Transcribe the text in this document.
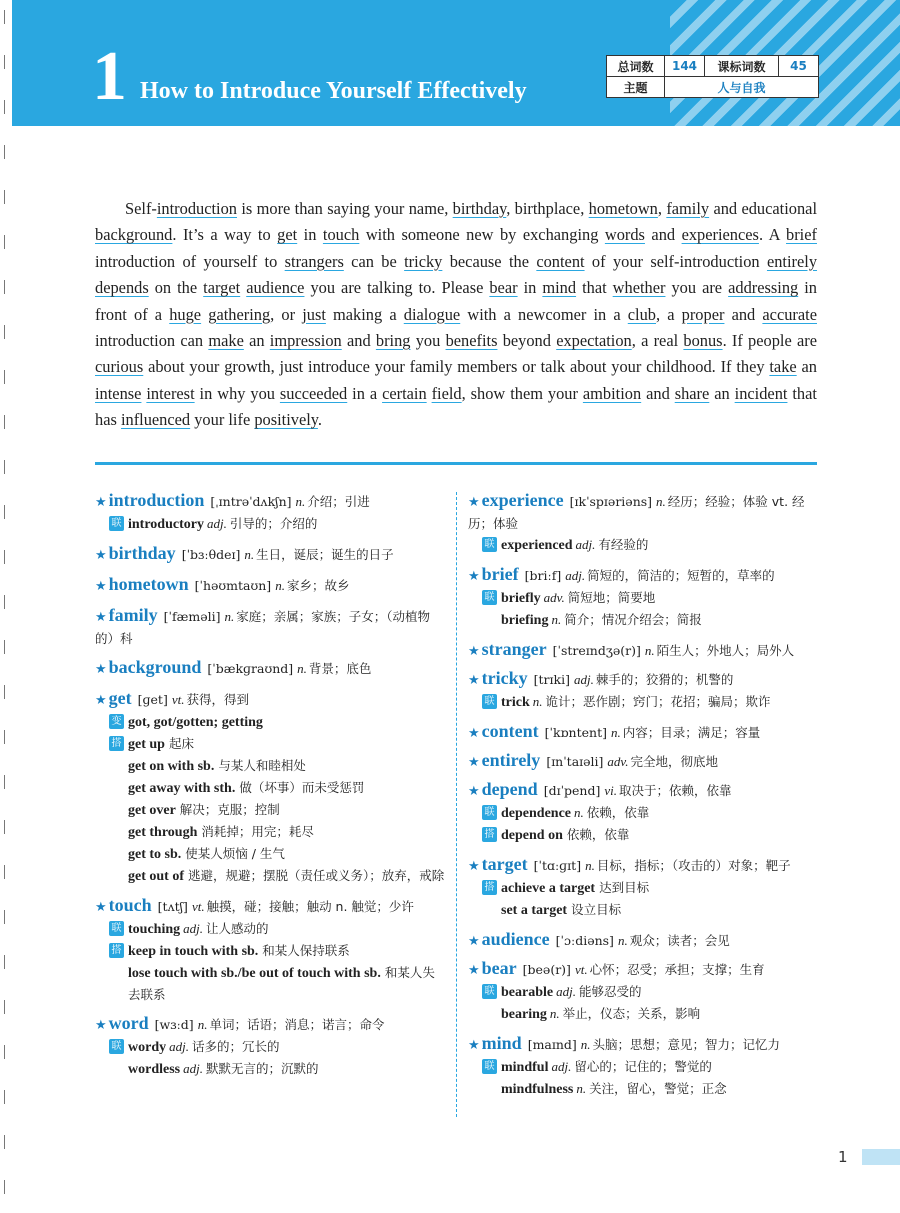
1 How to Introduce Yourself Effectively
总词数	144	课标词数	45
主题	人与自我		

Self-introduction is more than saying your name, birthday, birthplace, hometown, family and educational background. It’s a way to get in touch with someone new by exchanging words and experiences. A brief introduction of yourself to strangers can be tricky because the content of your self-introduction entirely depends on the target audience you are talking to. Please bear in mind that whether you are addressing in front of a huge gathering, or just making a dialogue with a newcomer in a club, a proper and accurate introduction can make an impression and bring you benefits beyond expectation, a real bonus. If people are curious about your growth, just introduce your family members or talk about your childhood. If they take an intense interest in why you succeeded in a certain field, show them your ambition and share an incident that has influenced your life positively.

★ introduction [ˌɪntrəˈdʌkʃn] n. 介绍；引进
联 introductory adj. 引导的；介绍的
★ birthday [ˈbɜːθdeɪ] n. 生日，诞辰；诞生的日子
★ hometown [ˈhəʊmtaʊn] n. 家乡；故乡
★ family [ˈfæməli] n. 家庭；亲属；家族；子女；（动植物的）科
★ background [ˈbækɡraʊnd] n. 背景；底色
★ get [ɡet] vt. 获得，得到
变 got, got/gotten; getting
搭 get up 起床
get on with sb. 与某人和睦相处
get away with sth. 做（坏事）而未受惩罚
get over 解决；克服；控制
get through 消耗掉；用完；耗尽
get to sb. 使某人烦恼 / 生气
get out of 逃避，规避；摆脱（责任或义务）；放弃，戒除
★ touch [tʌtʃ] vt. 触摸，碰；接触；触动 n. 触觉；少许
联 touching adj. 让人感动的
搭 keep in touch with sb. 和某人保持联系
lose touch with sb./be out of touch with sb. 和某人失去联系
★ word [wɜːd] n. 单词；话语；消息；诺言；命令
联 wordy adj. 话多的；冗长的
wordless adj. 默默无言的；沉默的
★ experience [ɪkˈspɪəriəns] n. 经历；经验；体验 vt. 经历；体验
联 experienced adj. 有经验的
★ brief [briːf] adj. 简短的，简洁的；短暂的，草率的
联 briefly adv. 简短地；简要地
briefing n. 简介；情况介绍会；简报
★ stranger [ˈstreɪndʒə(r)] n. 陌生人；外地人；局外人
★ tricky [trɪki] adj. 棘手的；狡猾的；机警的
联 trick n. 诡计；恶作剧；窍门；花招；骗局；欺诈
★ content [ˈkɒntent] n. 内容；目录；满足；容量
★ entirely [ɪnˈtaɪəli] adv. 完全地，彻底地
★ depend [dɪˈpend] vi. 取决于；依赖，依靠
联 dependence n. 依赖，依靠
搭 depend on 依赖，依靠
★ target [ˈtɑːɡɪt] n. 目标，指标；（攻击的）对象；靶子
搭 achieve a target 达到目标
set a target 设立目标
★ audience [ˈɔːdiəns] n. 观众；读者；会见
★ bear [beə(r)] vt. 心怀；忍受；承担；支撑；生育
联 bearable adj. 能够忍受的
bearing n. 举止，仪态；关系，影响
★ mind [maɪnd] n. 头脑；思想；意见；智力；记忆力
联 mindful adj. 留心的；记住的；警觉的
mindfulness n. 关注，留心，警觉；正念
1
